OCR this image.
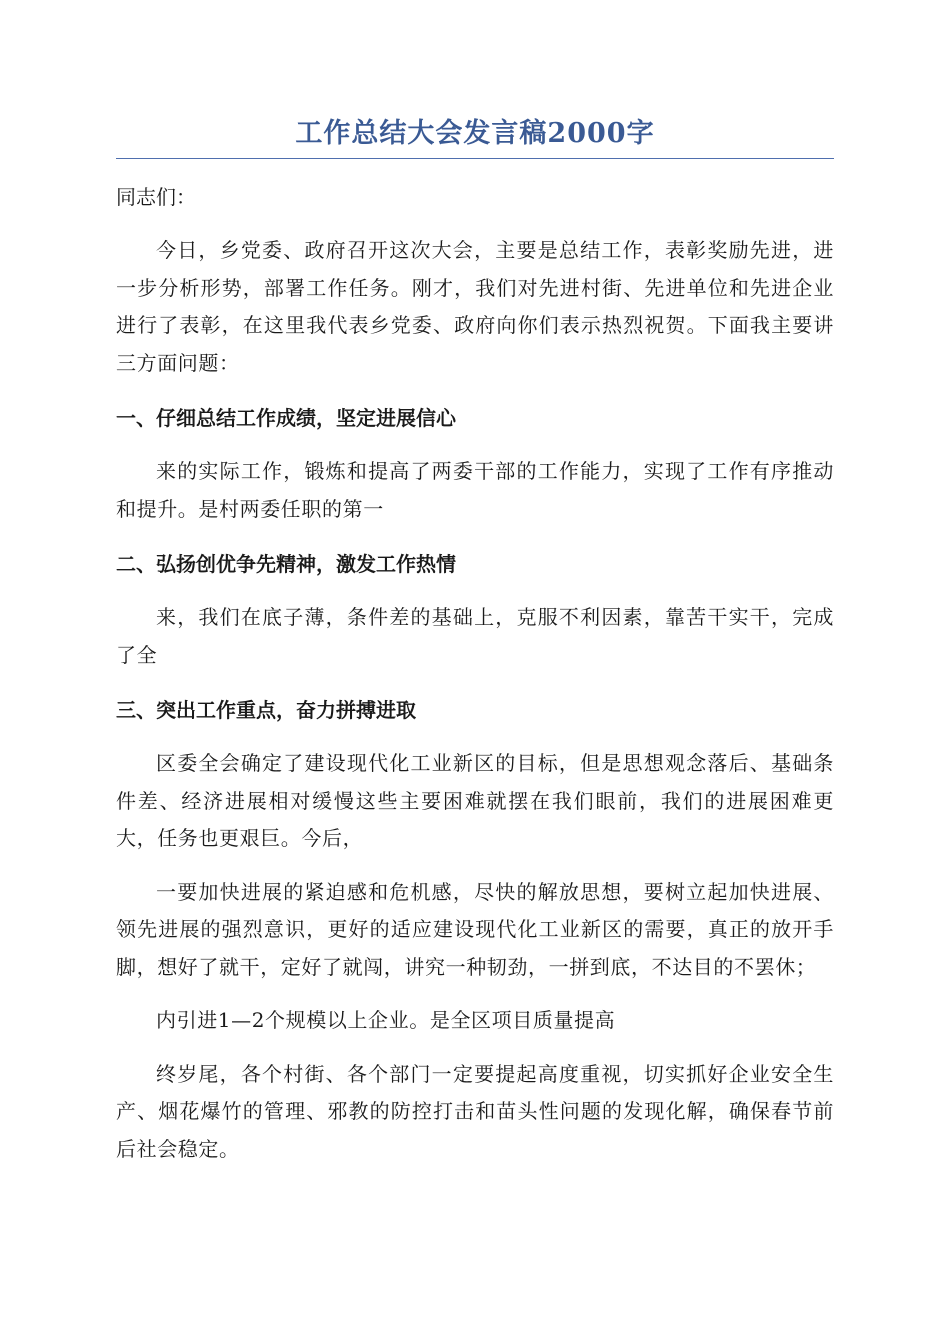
工作总结大会发言稿2000字

同志们：

今日，乡党委、政府召开这次大会，主要是总结工作，表彰奖励先进，进一步分析形势，部署工作任务。刚才，我们对先进村街、先进单位和先进企业进行了表彰，在这里我代表乡党委、政府向你们表示热烈祝贺。下面我主要讲三方面问题：

一、仔细总结工作成绩，坚定进展信心

来的实际工作，锻炼和提高了两委干部的工作能力，实现了工作有序推动和提升。是村两委任职的第一

二、弘扬创优争先精神，激发工作热情

来，我们在底子薄，条件差的基础上，克服不利因素，靠苦干实干，完成了全

三、突出工作重点，奋力拼搏进取

区委全会确定了建设现代化工业新区的目标，但是思想观念落后、基础条件差、经济进展相对缓慢这些主要困难就摆在我们眼前，我们的进展困难更大，任务也更艰巨。今后，

一要加快进展的紧迫感和危机感，尽快的解放思想，要树立起加快进展、领先进展的强烈意识，更好的适应建设现代化工业新区的需要，真正的放开手脚，想好了就干，定好了就闯，讲究一种韧劲，一拼到底，不达目的不罢休；

内引进1—2个规模以上企业。是全区项目质量提高

终岁尾，各个村街、各个部门一定要提起高度重视，切实抓好企业安全生产、烟花爆竹的管理、邪教的防控打击和苗头性问题的发现化解，确保春节前后社会稳定。
